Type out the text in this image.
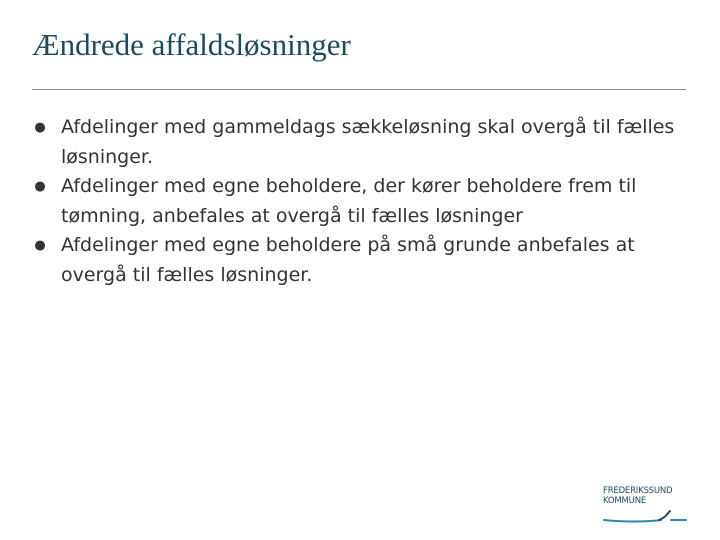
Ændrede affaldsløsninger
● Afdelinger med gammeldags sækkeløsning skal overgå til fælles løsninger.
● Afdelinger med egne beholdere, der kører beholdere frem til tømning, anbefales at overgå til fælles løsninger
● Afdelinger med egne beholdere på små grunde anbefales at overgå til fælles løsninger.
FREDERIKSSUND
KOMMUNE
